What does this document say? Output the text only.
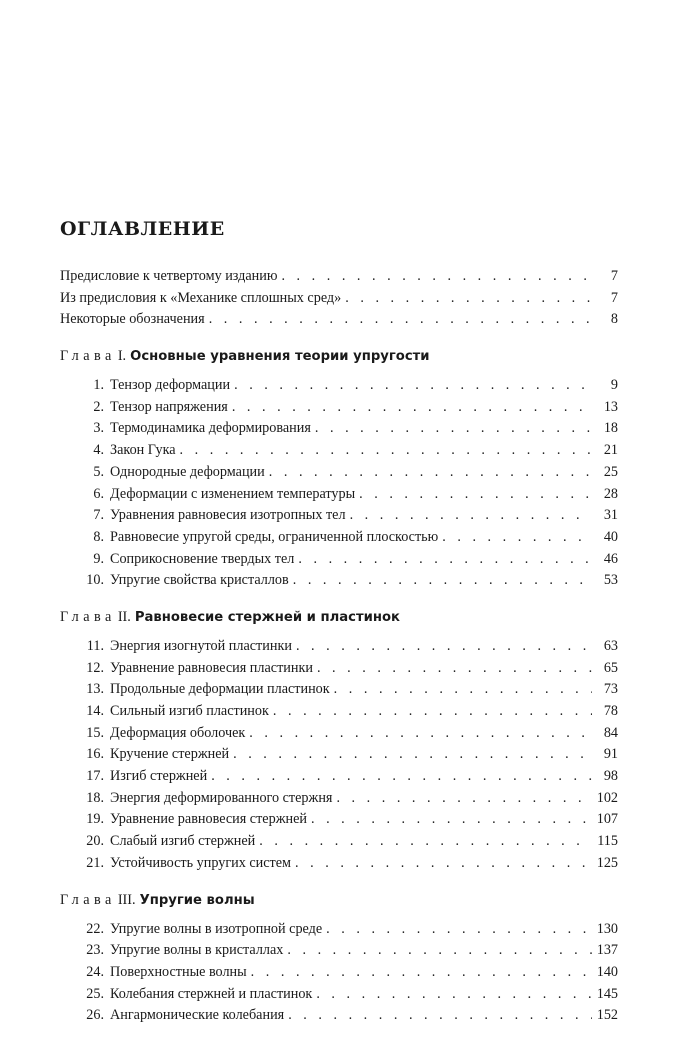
ОГЛАВЛЕНИЕ
Предисловие к четвертому изданию . . .	7
Из предисловия к «Механике сплошных сред» . . .	7
Некоторые обозначения . . .	8
Глава I. Основные уравнения теории упругости
1. Тензор деформации . . .	9
2. Тензор напряжения . . .	13
3. Термодинамика деформирования . . .	18
4. Закон Гука . . .	21
5. Однородные деформации . . .	25
6. Деформации с изменением температуры . . .	28
7. Уравнения равновесия изотропных тел . . .	31
8. Равновесие упругой среды, ограниченной плоскостью . . .	40
9. Соприкосновение твердых тел . . .	46
10. Упругие свойства кристаллов . . .	53
Глава II. Равновесие стержней и пластинок
11. Энергия изогнутой пластинки . . .	63
12. Уравнение равновесия пластинки . . .	65
13. Продольные деформации пластинок . . .	73
14. Сильный изгиб пластинок . . .	78
15. Деформация оболочек . . .	84
16. Кручение стержней . . .	91
17. Изгиб стержней . . .	98
18. Энергия деформированного стержня . . .	102
19. Уравнение равновесия стержней . . .	107
20. Слабый изгиб стержней . . .	115
21. Устойчивость упругих систем . . .	125
Глава III. Упругие волны
22. Упругие волны в изотропной среде . . .	130
23. Упругие волны в кристаллах . . .	137
24. Поверхностные волны . . .	140
25. Колебания стержней и пластинок . . .	145
26. Ангармонические колебания . . .	152
